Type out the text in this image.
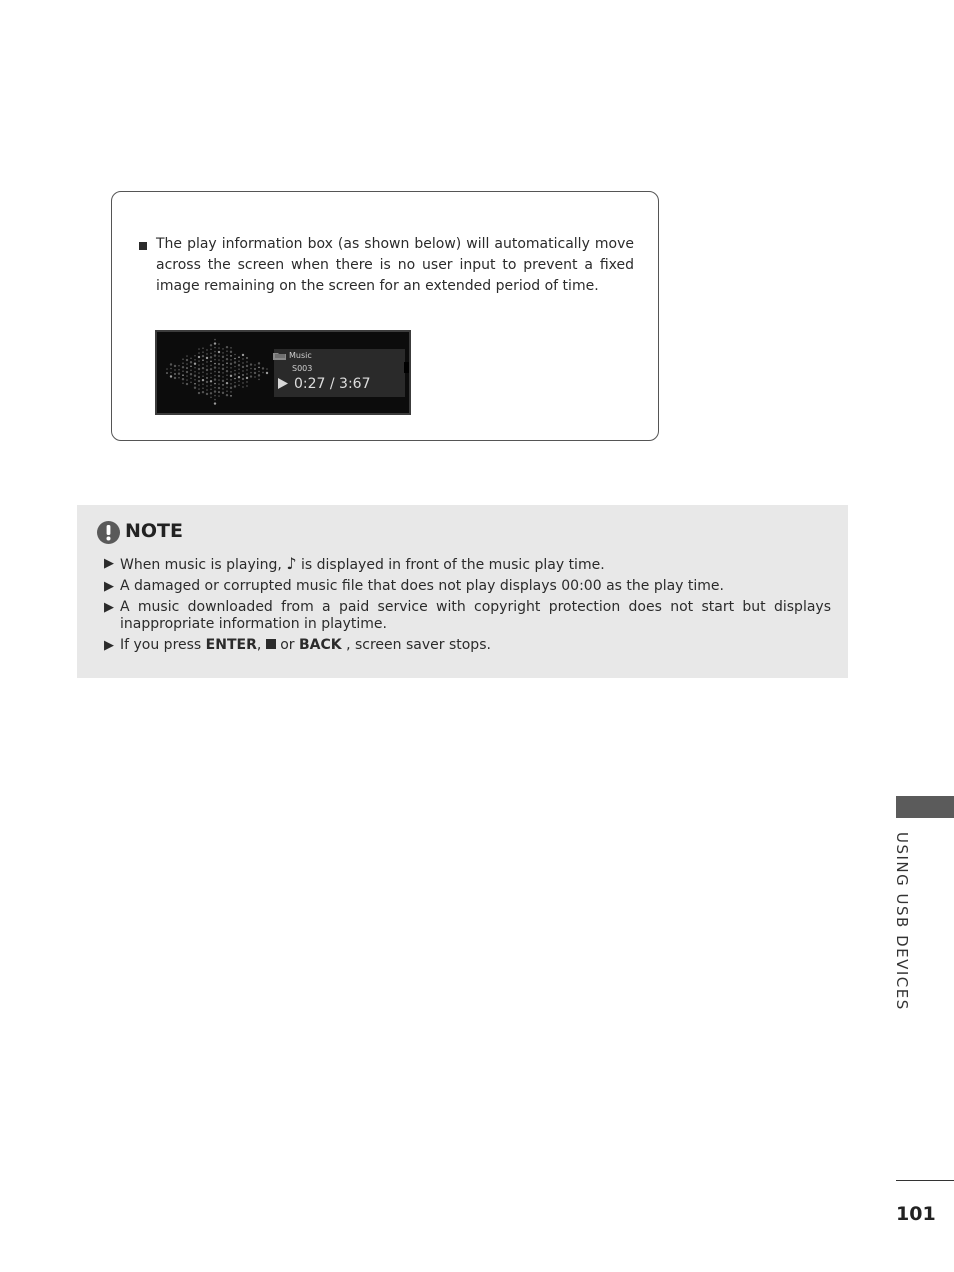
The play information box (as shown below) will automatically move across the screen when there is no user input to prevent a fixed image remaining on the screen for an extended period of time.
Music
S003
0:27 / 3:67
NOTE
▶ When music is playing, ♪ is displayed in front of the music play time.
▶ A damaged or corrupted music file that does not play displays 00:00 as the play time.
▶ A music downloaded from a paid service with copyright protection does not start but displays inappropriate information in playtime.
▶ If you press ENTER,  or BACK , screen saver stops.
USING USB DEVICES
101
